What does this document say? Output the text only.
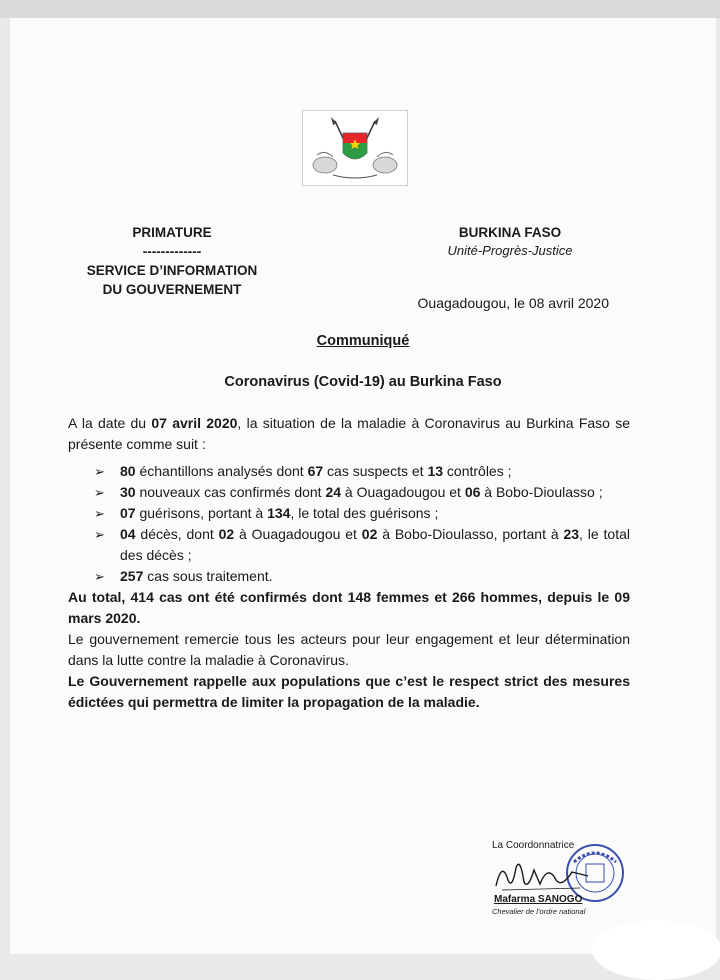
PRIMATURE
-------------
SERVICE D’INFORMATION
DU GOUVERNEMENT
BURKINA FASO
Unité-Progrès-Justice
Ouagadougou, le 08 avril 2020
Communiqué
Coronavirus (Covid-19) au Burkina Faso

A la date du 07 avril 2020, la situation de la maladie à Coronavirus au Burkina Faso se présente comme suit :

➢ 80 échantillons analysés dont 67 cas suspects et 13 contrôles ;
➢ 30 nouveaux cas confirmés dont 24 à Ouagadougou et 06 à Bobo-Dioulasso ;
➢ 07 guérisons, portant à 134, le total des guérisons ;
➢ 04 décès, dont 02 à Ouagadougou et 02 à Bobo-Dioulasso, portant à 23, le total des décès ;
➢ 257 cas sous traitement.

Au total, 414 cas ont été confirmés dont 148 femmes et 266 hommes, depuis le 09 mars 2020.

Le gouvernement remercie tous les acteurs pour leur engagement et leur détermination dans la lutte contre la maladie à Coronavirus.

Le Gouvernement rappelle aux populations que c’est le respect strict des mesures édictées qui permettra de limiter la propagation de la maladie.

La Coordonnatrice
Mafarma SANOGO
Chevalier de l’ordre national
